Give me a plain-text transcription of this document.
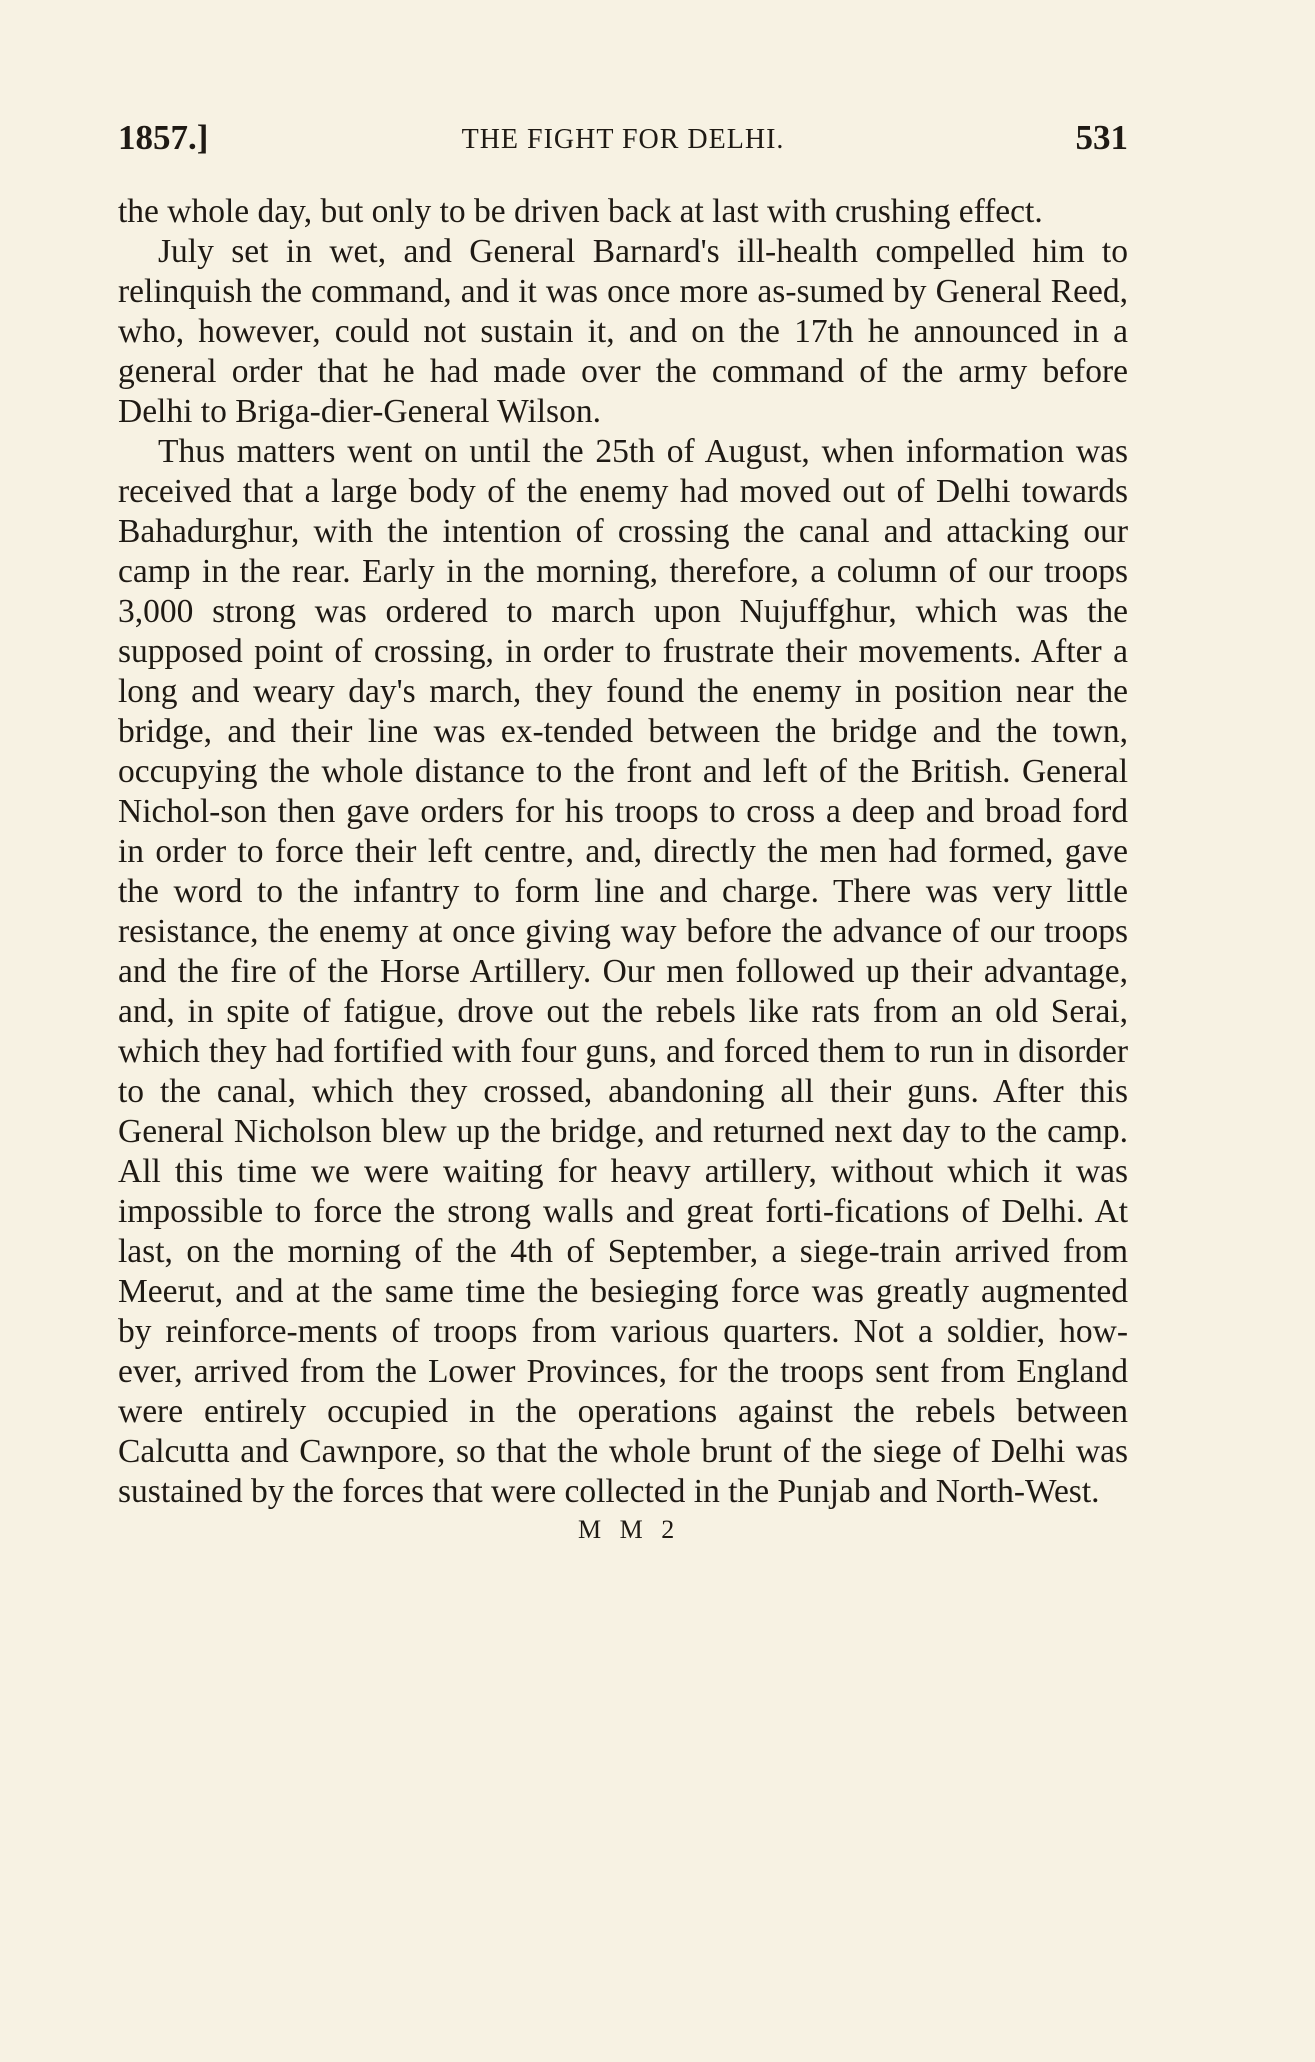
1857.]	THE FIGHT FOR DELHI.	531

the whole day, but only to be driven back at last with crushing effect.

July set in wet, and General Barnard's ill-health compelled him to relinquish the command, and it was once more as-sumed by General Reed, who, however, could not sustain it, and on the 17th he announced in a general order that he had made over the command of the army before Delhi to Briga-dier-General Wilson.

Thus matters went on until the 25th of August, when information was received that a large body of the enemy had moved out of Delhi towards Bahadurghur, with the intention of crossing the canal and attacking our camp in the rear. Early in the morning, therefore, a column of our troops 3,000 strong was ordered to march upon Nujuffghur, which was the supposed point of crossing, in order to frustrate their movements. After a long and weary day's march, they found the enemy in position near the bridge, and their line was ex-tended between the bridge and the town, occupying the whole distance to the front and left of the British. General Nichol-son then gave orders for his troops to cross a deep and broad ford in order to force their left centre, and, directly the men had formed, gave the word to the infantry to form line and charge. There was very little resistance, the enemy at once giving way before the advance of our troops and the fire of the Horse Artillery. Our men followed up their advantage, and, in spite of fatigue, drove out the rebels like rats from an old Serai, which they had fortified with four guns, and forced them to run in disorder to the canal, which they crossed, abandoning all their guns. After this General Nicholson blew up the bridge, and returned next day to the camp. All this time we were waiting for heavy artillery, without which it was impossible to force the strong walls and great forti-fications of Delhi. At last, on the morning of the 4th of September, a siege-train arrived from Meerut, and at the same time the besieging force was greatly augmented by reinforce-ments of troops from various quarters. Not a soldier, how-ever, arrived from the Lower Provinces, for the troops sent from England were entirely occupied in the operations against the rebels between Calcutta and Cawnpore, so that the whole brunt of the siege of Delhi was sustained by the forces that were collected in the Punjab and North-West.

M M 2
